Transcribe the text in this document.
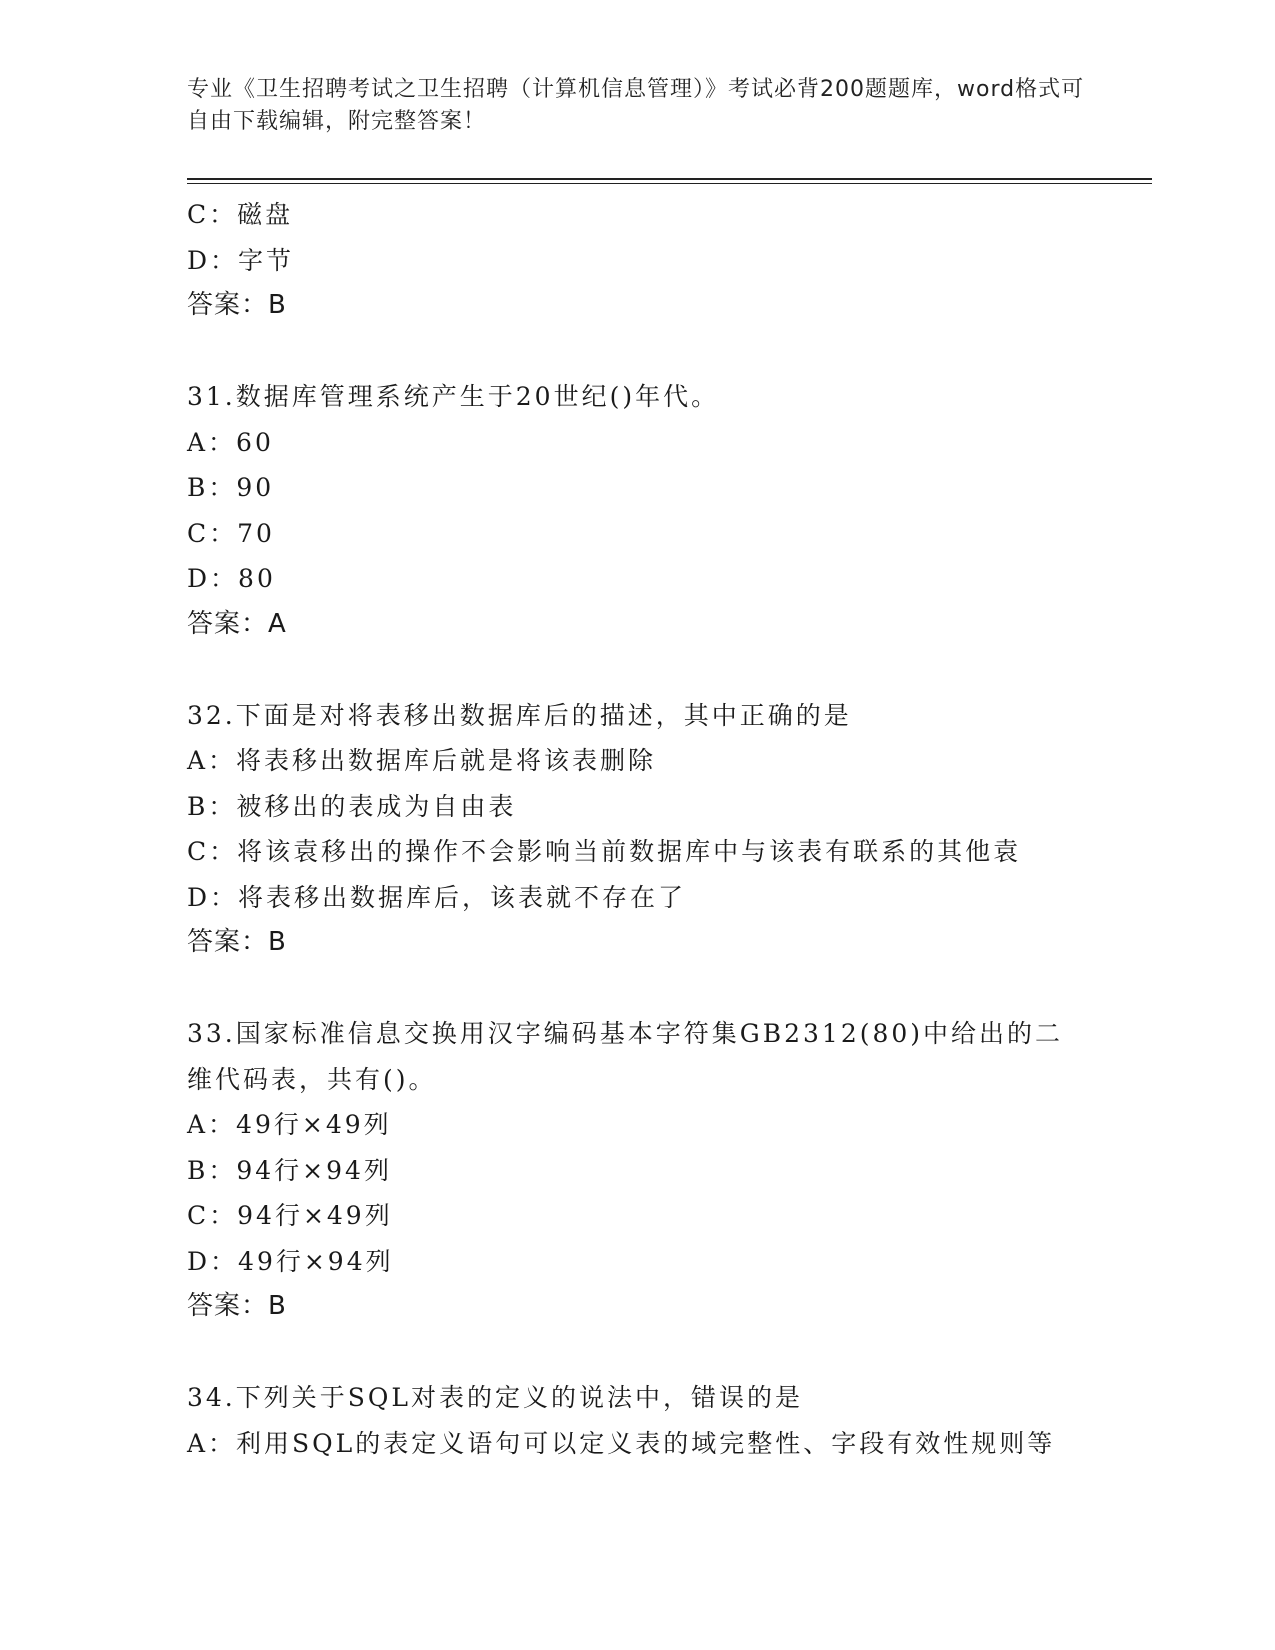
专业《卫生招聘考试之卫生招聘（计算机信息管理）》考试必背200题题库，word格式可自由下载编辑，附完整答案！
C：磁盘
D：字节
答案：B
31.数据库管理系统产生于20世纪()年代。
A：60
B：90
C：70
D：80
答案：A
32.下面是对将表移出数据库后的描述，其中正确的是
A：将表移出数据库后就是将该表删除
B：被移出的表成为自由表
C：将该袁移出的操作不会影响当前数据库中与该表有联系的其他袁
D：将表移出数据库后，该表就不存在了
答案：B
33.国家标准信息交换用汉字编码基本字符集GB2312(80)中给出的二维代码表，共有()。
A：49行×49列
B：94行×94列
C：94行×49列
D：49行×94列
答案：B
34.下列关于SQL对表的定义的说法中，错误的是
A：利用SQL的表定义语句可以定义表的域完整性、字段有效性规则等
